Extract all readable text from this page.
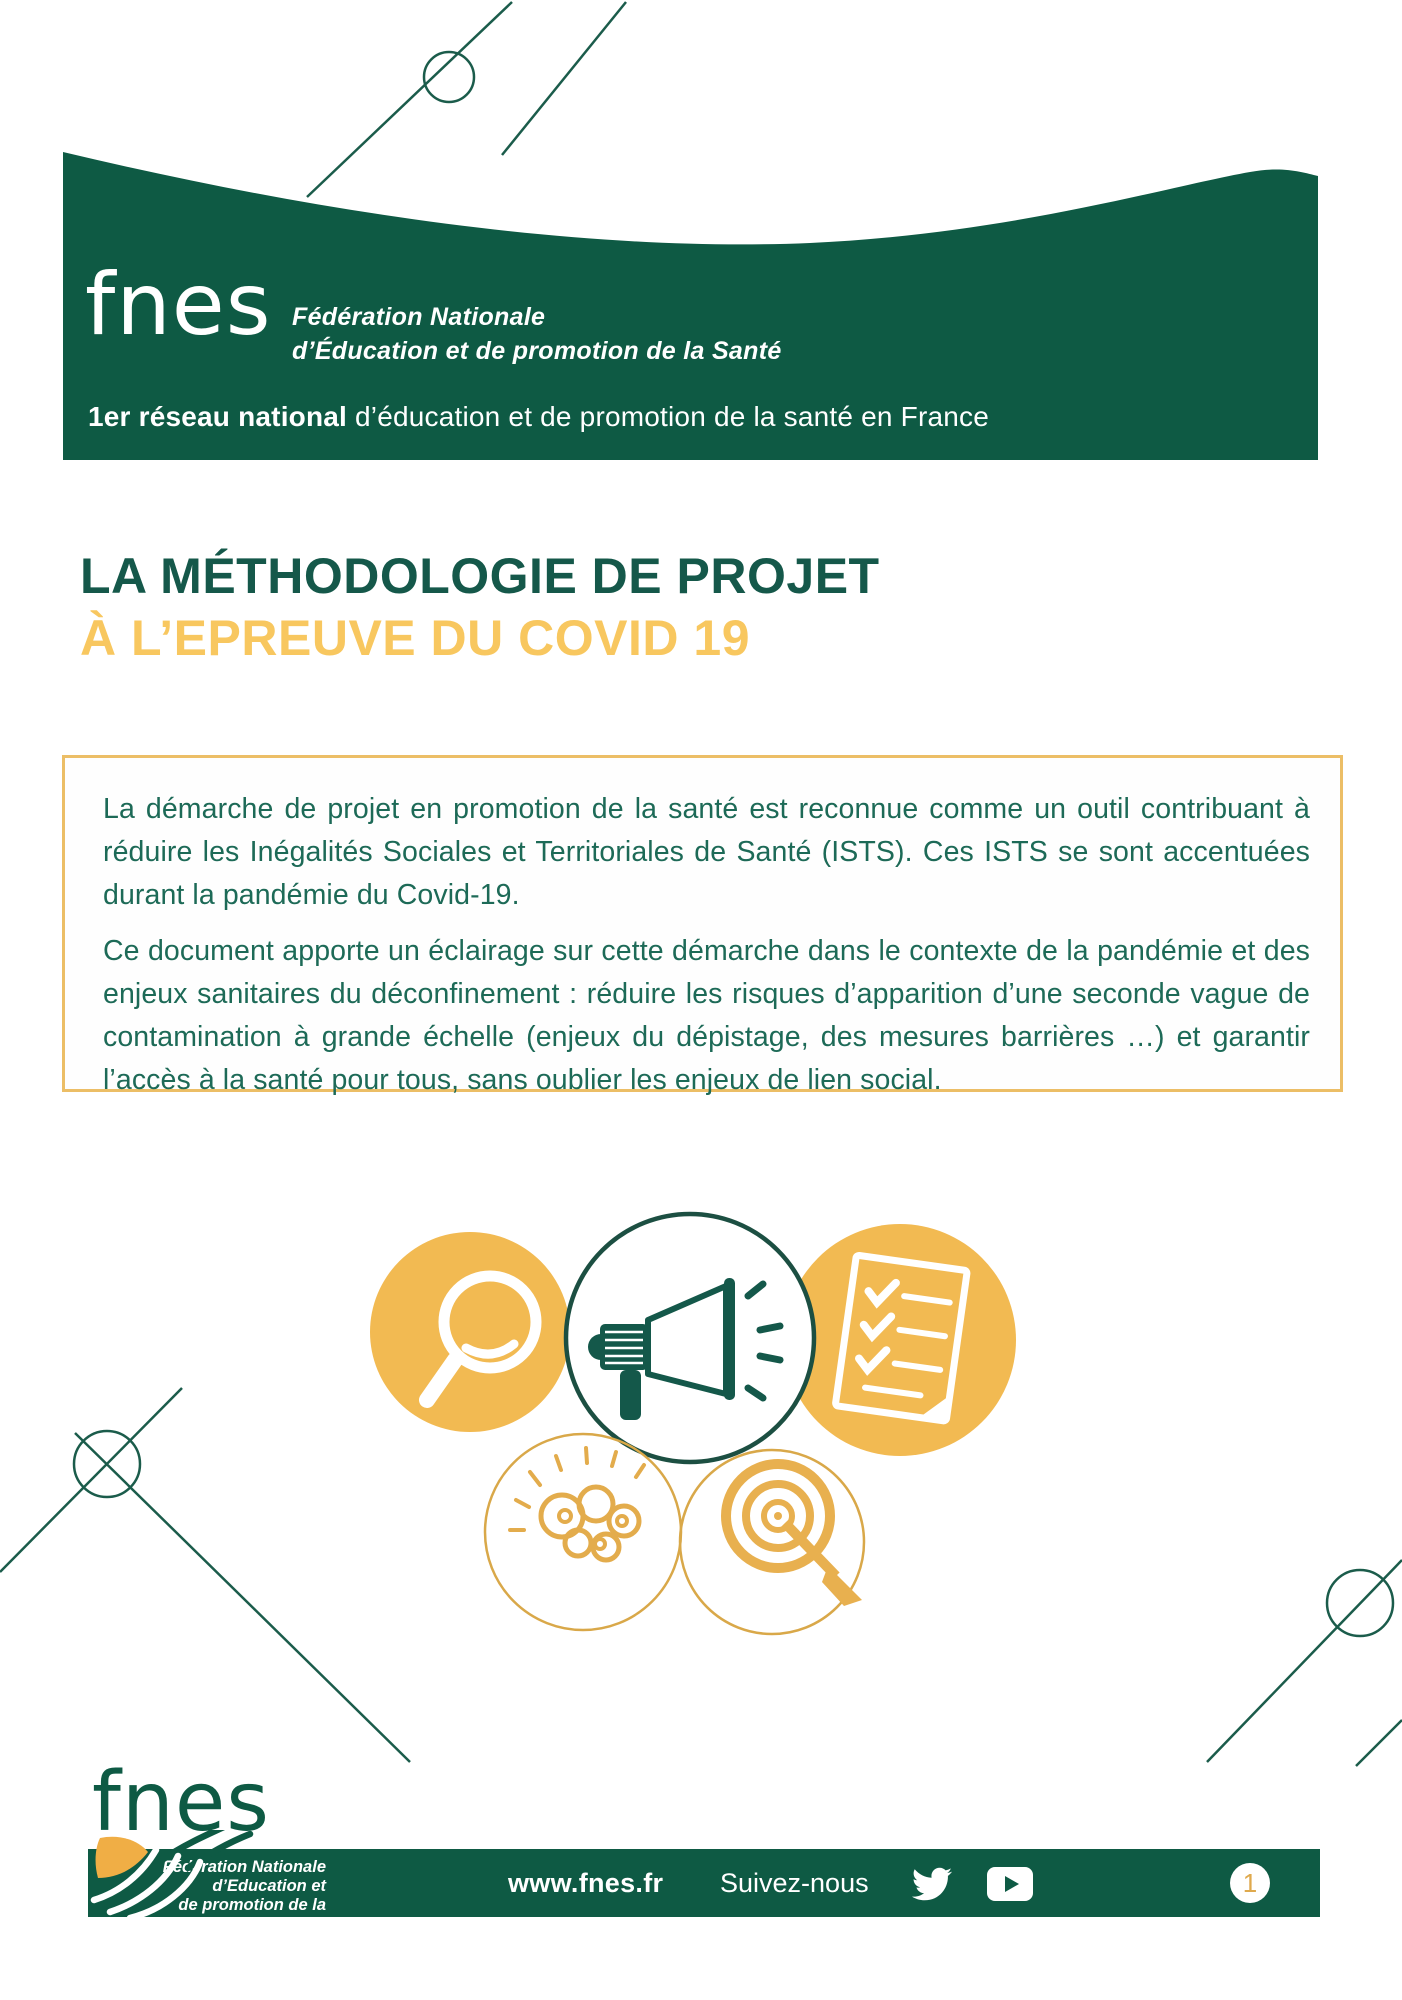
fnes Fédération Nationale
d’Éducation et de promotion de la Santé
1er réseau national d’éducation et de promotion de la santé en France
LA MÉTHODOLOGIE DE PROJET
À L’EPREUVE DU COVID 19

La démarche de projet en promotion de la santé est reconnue comme un outil contribuant à réduire les Inégalités Sociales et Territoriales de Santé (ISTS). Ces ISTS se sont accentuées durant la pandémie du Covid-19.

Ce document apporte un éclairage sur cette démarche dans le contexte de la pandémie et des enjeux sanitaires du déconfinement : réduire les risques d’apparition d’une seconde vague de contamination à grande échelle (enjeux du dépistage, des mesures barrières …) et garantir l’accès à la santé pour tous, sans oublier les enjeux de lien social.

fnes
Fédération Nationale
d’Education et
de promotion de la Santé
www.fnes.fr Suivez-nous	1
